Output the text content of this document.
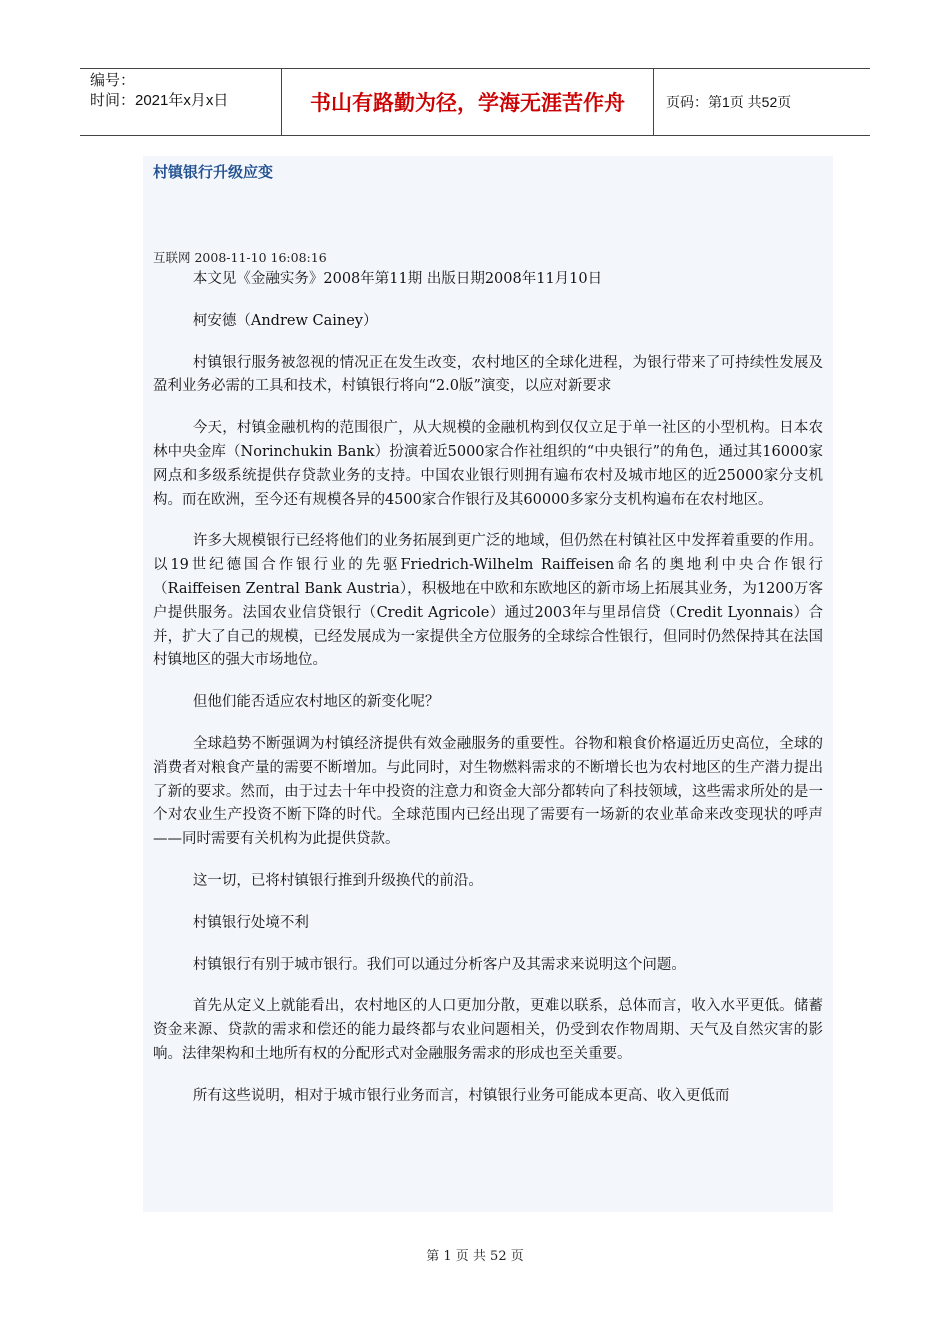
编号：
时间：2021年x月x日	书山有路勤为径，学海无涯苦作舟	页码：第1页 共52页
村镇银行升级应变
互联网 2008-11-10 16:08:16

本文见《金融实务》2008年第11期 出版日期2008年11月10日

柯安德（Andrew Cainey）

村镇银行服务被忽视的情况正在发生改变，农村地区的全球化进程，为银行带来了可持续性发展及盈利业务必需的工具和技术，村镇银行将向“2.0版”演变，以应对新要求

今天，村镇金融机构的范围很广，从大规模的金融机构到仅仅立足于单一社区的小型机构。日本农林中央金库（Norinchukin Bank）扮演着近5000家合作社组织的“中央银行”的角色，通过其16000家网点和多级系统提供存贷款业务的支持。中国农业银行则拥有遍布农村及城市地区的近25000家分支机构。而在欧洲，至今还有规模各异的4500家合作银行及其60000多家分支机构遍布在农村地区。

许多大规模银行已经将他们的业务拓展到更广泛的地域，但仍然在村镇社区中发挥着重要的作用。以19世纪德国合作银行业的先驱Friedrich-Wilhelm Raiffeisen命名的奥地利中央合作银行（Raiffeisen Zentral Bank Austria），积极地在中欧和东欧地区的新市场上拓展其业务，为1200万客户提供服务。法国农业信贷银行（Credit Agricole）通过2003年与里昂信贷（Credit Lyonnais）合并，扩大了自己的规模，已经发展成为一家提供全方位服务的全球综合性银行，但同时仍然保持其在法国村镇地区的强大市场地位。

但他们能否适应农村地区的新变化呢？

全球趋势不断强调为村镇经济提供有效金融服务的重要性。谷物和粮食价格逼近历史高位，全球的消费者对粮食产量的需要不断增加。与此同时，对生物燃料需求的不断增长也为农村地区的生产潜力提出了新的要求。然而，由于过去十年中投资的注意力和资金大部分都转向了科技领域，这些需求所处的是一个对农业生产投资不断下降的时代。全球范围内已经出现了需要有一场新的农业革命来改变现状的呼声——同时需要有关机构为此提供贷款。

这一切，已将村镇银行推到升级换代的前沿。

村镇银行处境不利

村镇银行有别于城市银行。我们可以通过分析客户及其需求来说明这个问题。

首先从定义上就能看出，农村地区的人口更加分散，更难以联系，总体而言，收入水平更低。储蓄资金来源、贷款的需求和偿还的能力最终都与农业问题相关，仍受到农作物周期、天气及自然灾害的影响。法律架构和土地所有权的分配形式对金融服务需求的形成也至关重要。

所有这些说明，相对于城市银行业务而言，村镇银行业务可能成本更高、收入更低而

第 1 页 共 52 页
